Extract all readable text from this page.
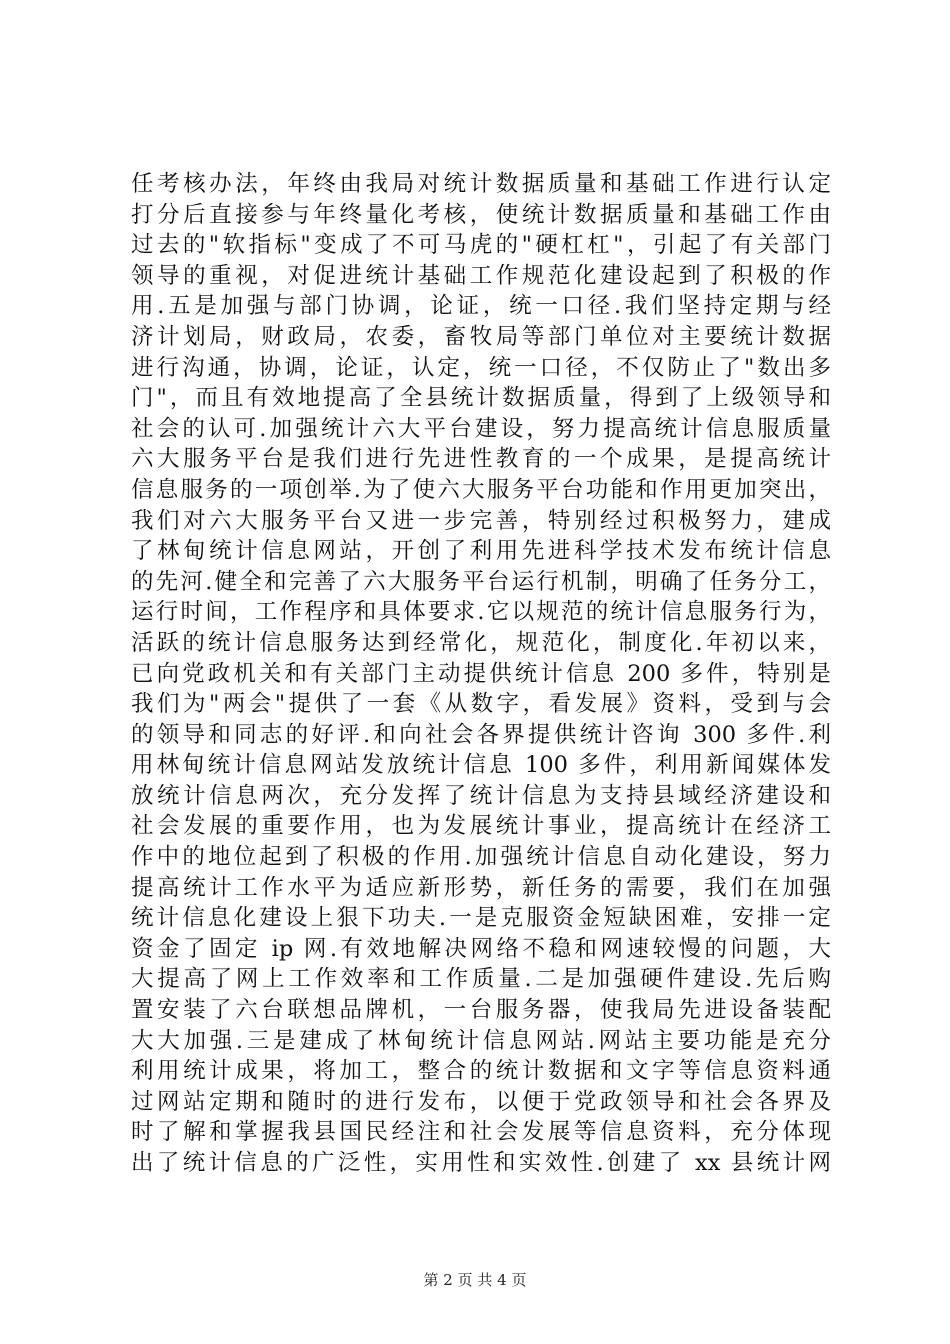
任考核办法，年终由我局对统计数据质量和基础工作进行认定
打分后直接参与年终量化考核，使统计数据质量和基础工作由
过去的"软指标"变成了不可马虎的"硬杠杠"，引起了有关部门
领导的重视，对促进统计基础工作规范化建设起到了积极的作
用.五是加强与部门协调，论证，统一口径.我们坚持定期与经
济计划局，财政局，农委，畜牧局等部门单位对主要统计数据
进行沟通，协调，论证，认定，统一口径，不仅防止了"数出多
门"，而且有效地提高了全县统计数据质量，得到了上级领导和
社会的认可.加强统计六大平台建设，努力提高统计信息服质量
六大服务平台是我们进行先进性教育的一个成果，是提高统计
信息服务的一项创举.为了使六大服务平台功能和作用更加突出，
我们对六大服务平台又进一步完善，特别经过积极努力，建成
了林甸统计信息网站，开创了利用先进科学技术发布统计信息
的先河.健全和完善了六大服务平台运行机制，明确了任务分工，
运行时间，工作程序和具体要求.它以规范的统计信息服务行为，
活跃的统计信息服务达到经常化，规范化，制度化.年初以来，
已向党政机关和有关部门主动提供统计信息 200 多件，特别是
我们为"两会"提供了一套《从数字，看发展》资料，受到与会
的领导和同志的好评.和向社会各界提供统计咨询 300 多件.利
用林甸统计信息网站发放统计信息 100 多件，利用新闻媒体发
放统计信息两次，充分发挥了统计信息为支持县域经济建设和
社会发展的重要作用，也为发展统计事业，提高统计在经济工
作中的地位起到了积极的作用.加强统计信息自动化建设，努力
提高统计工作水平为适应新形势，新任务的需要，我们在加强
统计信息化建设上狠下功夫.一是克服资金短缺困难，安排一定
资金了固定 ip 网.有效地解决网络不稳和网速较慢的问题，大
大提高了网上工作效率和工作质量.二是加强硬件建设.先后购
置安装了六台联想品牌机，一台服务器，使我局先进设备装配
大大加强.三是建成了林甸统计信息网站.网站主要功能是充分
利用统计成果，将加工，整合的统计数据和文字等信息资料通
过网站定期和随时的进行发布，以便于党政领导和社会各界及
时了解和掌握我县国民经注和社会发展等信息资料，充分体现
出了统计信息的广泛性，实用性和实效性.创建了 xx 县统计网
第 2 页 共 4 页
